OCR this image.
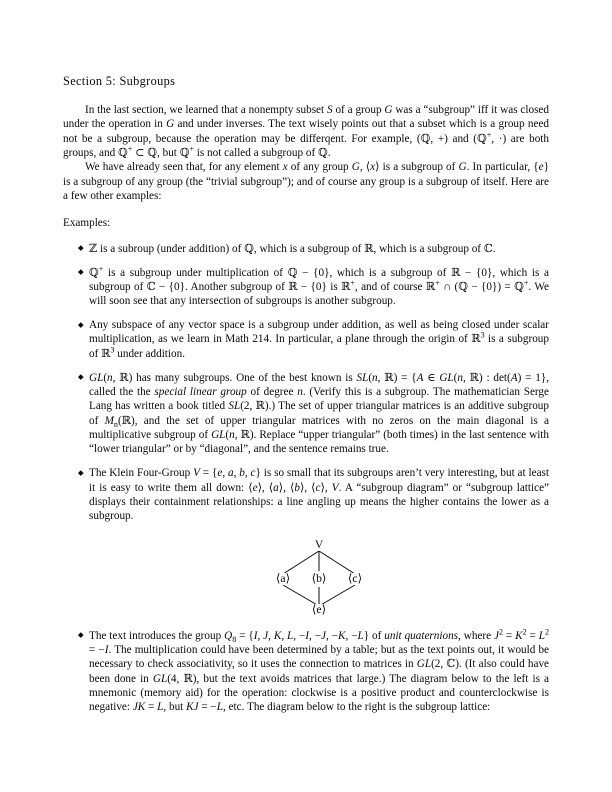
Section 5: Subgroups

In the last section, we learned that a nonempty subset S of a group G was a “subgroup” iff it was closed under the operation in G and under inverses. The text wisely points out that a subset which is a group need not be a subgroup, because the operation may be differqent. For example, (ℚ, +) and (ℚ+, ·) are both groups, and ℚ+ ⊂ ℚ, but ℚ+ is not called a subgroup of ℚ.

We have already seen that, for any element x of any group G, ⟨x⟩ is a subgroup of G. In particular, {e} is a subgroup of any group (the “trivial subgroup”); and of course any group is a subgroup of itself. Here are a few other examples:

Examples:
ℤ is a subroup (under addition) of ℚ, which is a subgroup of ℝ, which is a subgroup of ℂ.
ℚ+ is a subgroup under multiplication of ℚ − {0}, which is a subgroup of ℝ − {0}, which is a subgroup of ℂ − {0}. Another subgroup of ℝ − {0} is ℝ+, and of course ℝ+ ∩ (ℚ − {0}) = ℚ+. We will soon see that any intersection of subgroups is another subgroup.
Any subspace of any vector space is a subgroup under addition, as well as being closed under scalar multiplication, as we learn in Math 214. In particular, a plane through the origin of ℝ$^3$ is a subgroup of ℝ$^3$ under addition.
GL(n, ℝ) has many subgroups. One of the best known is SL(n, ℝ) = {A ∈ GL(n, ℝ) : det(A) = 1}, called the the special linear group of degree n. (Verify this is a subgroup. The mathematician Serge Lang has written a book titled SL(2, ℝ).) The set of upper triangular matrices is an additive subgroup of $M_n(ℝ)$, and the set of upper triangular matrices with no zeros on the main diagonal is a multiplicative subgroup of GL(n, ℝ). Replace “upper triangular” (both times) in the last sentence with “lower triangular” or by “diagonal”, and the sentence remains true.
The Klein Four-Group V = {e, a, b, c} is so small that its subgroups aren’t very interesting, but at least it is easy to write them all down: ⟨e⟩, ⟨a⟩, ⟨b⟩, ⟨c⟩, V. A “subgroup diagram” or “subgroup lattice” displays their containment relationships: a line angling up means the higher contains the lower as a subgroup.
V
⟨a⟩ ⟨b⟩ ⟨c⟩
⟨e⟩
The text introduces the group $Q_8 = \{I$, J, K, L, −I, −J, −K, −L} of unit quaternions, where $J^2 = K^2 = L^2 = -I$. The multiplication could have been determined by a table; but as the text points out, it would be necessary to check associativity, so it uses the connection to matrices in GL(2, ℂ). (It also could have been done in GL(4, ℝ), but the text avoids matrices that large.) The diagram below to the left is a mnemonic (memory aid) for the operation: clockwise is a positive product and counterclockwise is negative: JK = L, but KJ = −L, etc. The diagram below to the right is the subgroup lattice:
